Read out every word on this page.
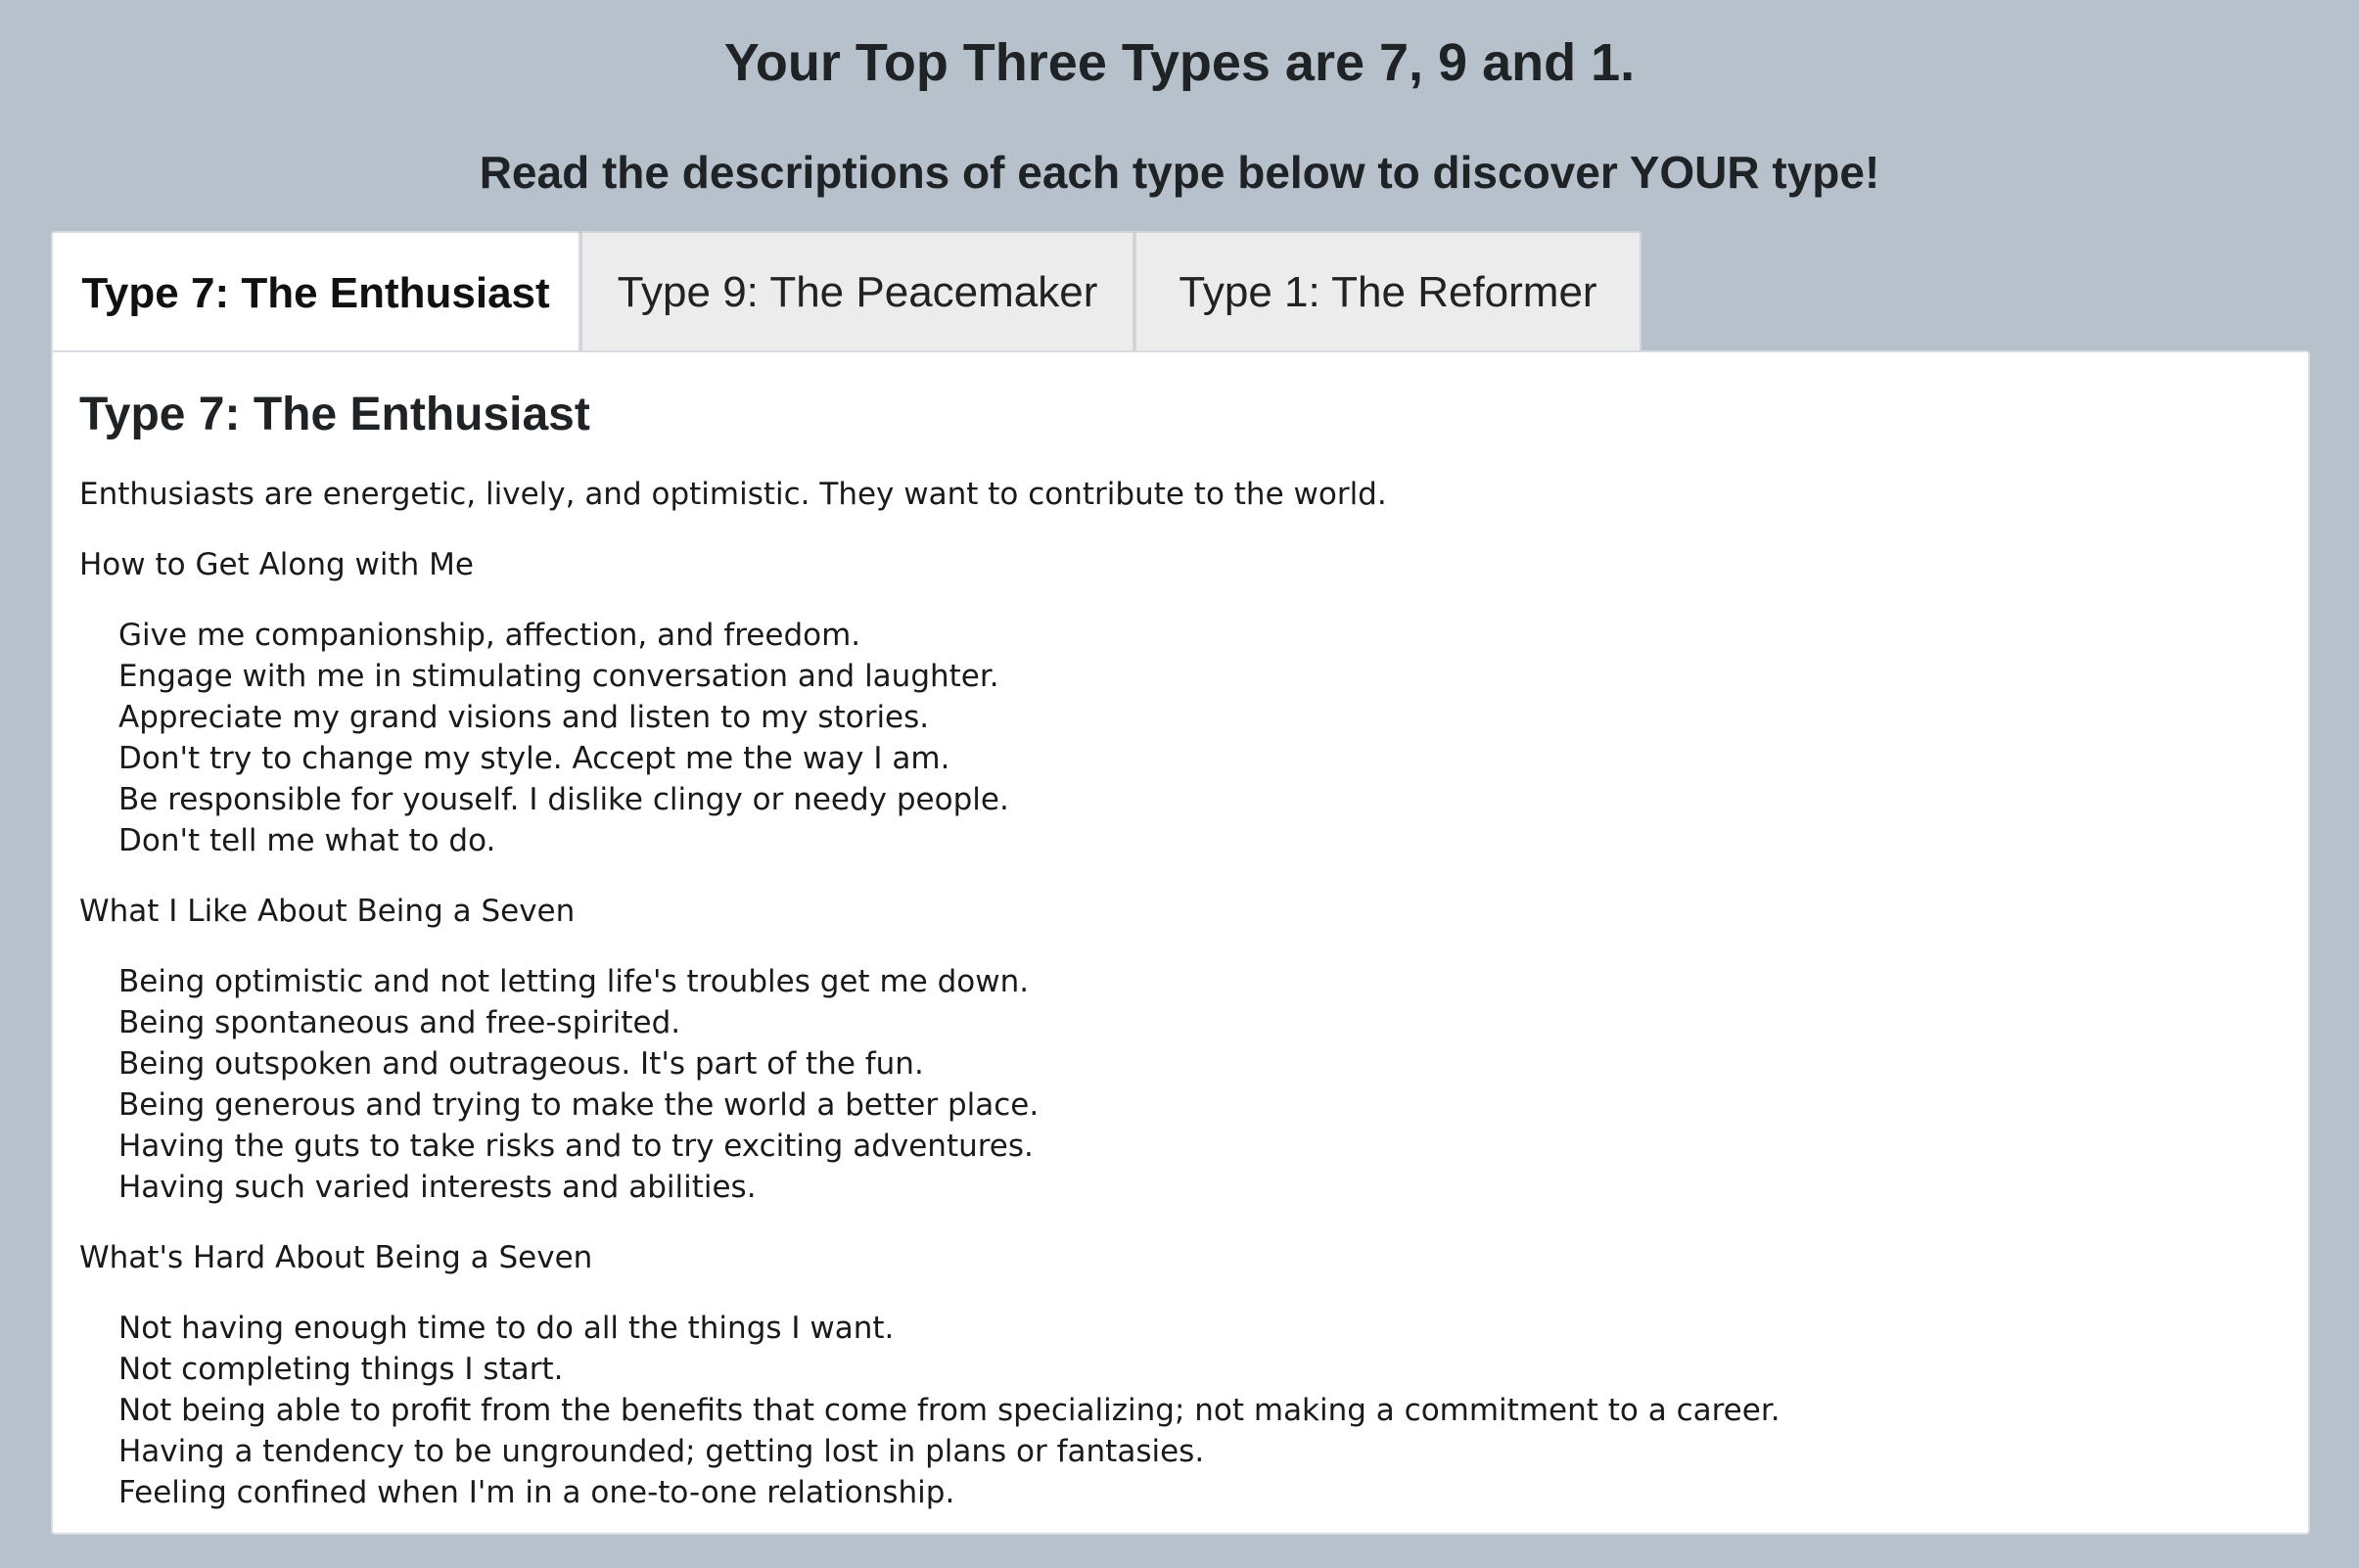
Your Top Three Types are 7, 9 and 1.
Read the descriptions of each type below to discover YOUR type!
Type 7: The Enthusiast	Type 9: The Peacemaker	Type 1: The Reformer
Type 7: The Enthusiast

Enthusiasts are energetic, lively, and optimistic. They want to contribute to the world.

How to Get Along with Me
Give me companionship, affection, and freedom.
Engage with me in stimulating conversation and laughter.
Appreciate my grand visions and listen to my stories.
Don't try to change my style. Accept me the way I am.
Be responsible for youself. I dislike clingy or needy people.
Don't tell me what to do.
What I Like About Being a Seven
Being optimistic and not letting life's troubles get me down.
Being spontaneous and free-spirited.
Being outspoken and outrageous. It's part of the fun.
Being generous and trying to make the world a better place.
Having the guts to take risks and to try exciting adventures.
Having such varied interests and abilities.
What's Hard About Being a Seven
Not having enough time to do all the things I want.
Not completing things I start.
Not being able to profit from the benefits that come from specializing; not making a commitment to a career.
Having a tendency to be ungrounded; getting lost in plans or fantasies.
Feeling confined when I'm in a one-to-one relationship.
